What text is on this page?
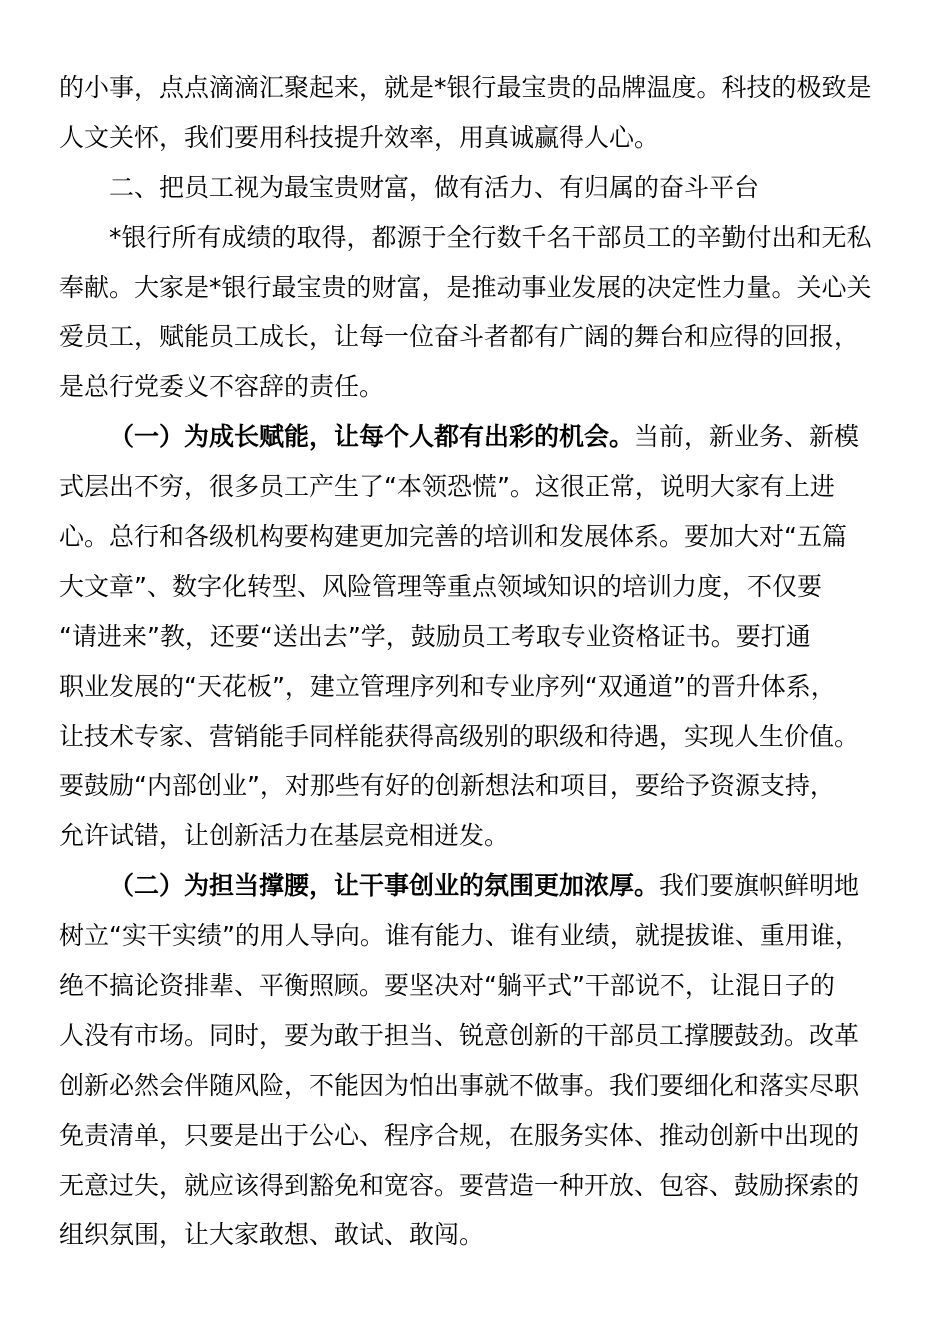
的小事，点点滴滴汇聚起来，就是*银行最宝贵的品牌温度。科技的极致是
人文关怀，我们要用科技提升效率，用真诚赢得人心。
二、把员工视为最宝贵财富，做有活力、有归属的奋斗平台
*银行所有成绩的取得，都源于全行数千名干部员工的辛勤付出和无私
奉献。大家是*银行最宝贵的财富，是推动事业发展的决定性力量。关心关
爱员工，赋能员工成长，让每一位奋斗者都有广阔的舞台和应得的回报，
是总行党委义不容辞的责任。
（一）为成长赋能，让每个人都有出彩的机会。当前，新业务、新模
式层出不穷，很多员工产生了“本领恐慌”。这很正常，说明大家有上进
心。总行和各级机构要构建更加完善的培训和发展体系。要加大对“五篇
大文章”、数字化转型、风险管理等重点领域知识的培训力度，不仅要
“请进来”教，还要“送出去”学，鼓励员工考取专业资格证书。要打通
职业发展的“天花板”，建立管理序列和专业序列“双通道”的晋升体系，
让技术专家、营销能手同样能获得高级别的职级和待遇，实现人生价值。
要鼓励“内部创业”，对那些有好的创新想法和项目，要给予资源支持，
允许试错，让创新活力在基层竞相迸发。
（二）为担当撑腰，让干事创业的氛围更加浓厚。我们要旗帜鲜明地
树立“实干实绩”的用人导向。谁有能力、谁有业绩，就提拔谁、重用谁，
绝不搞论资排辈、平衡照顾。要坚决对“躺平式”干部说不，让混日子的
人没有市场。同时，要为敢于担当、锐意创新的干部员工撑腰鼓劲。改革
创新必然会伴随风险，不能因为怕出事就不做事。我们要细化和落实尽职
免责清单，只要是出于公心、程序合规，在服务实体、推动创新中出现的
无意过失，就应该得到豁免和宽容。要营造一种开放、包容、鼓励探索的
组织氛围，让大家敢想、敢试、敢闯。
